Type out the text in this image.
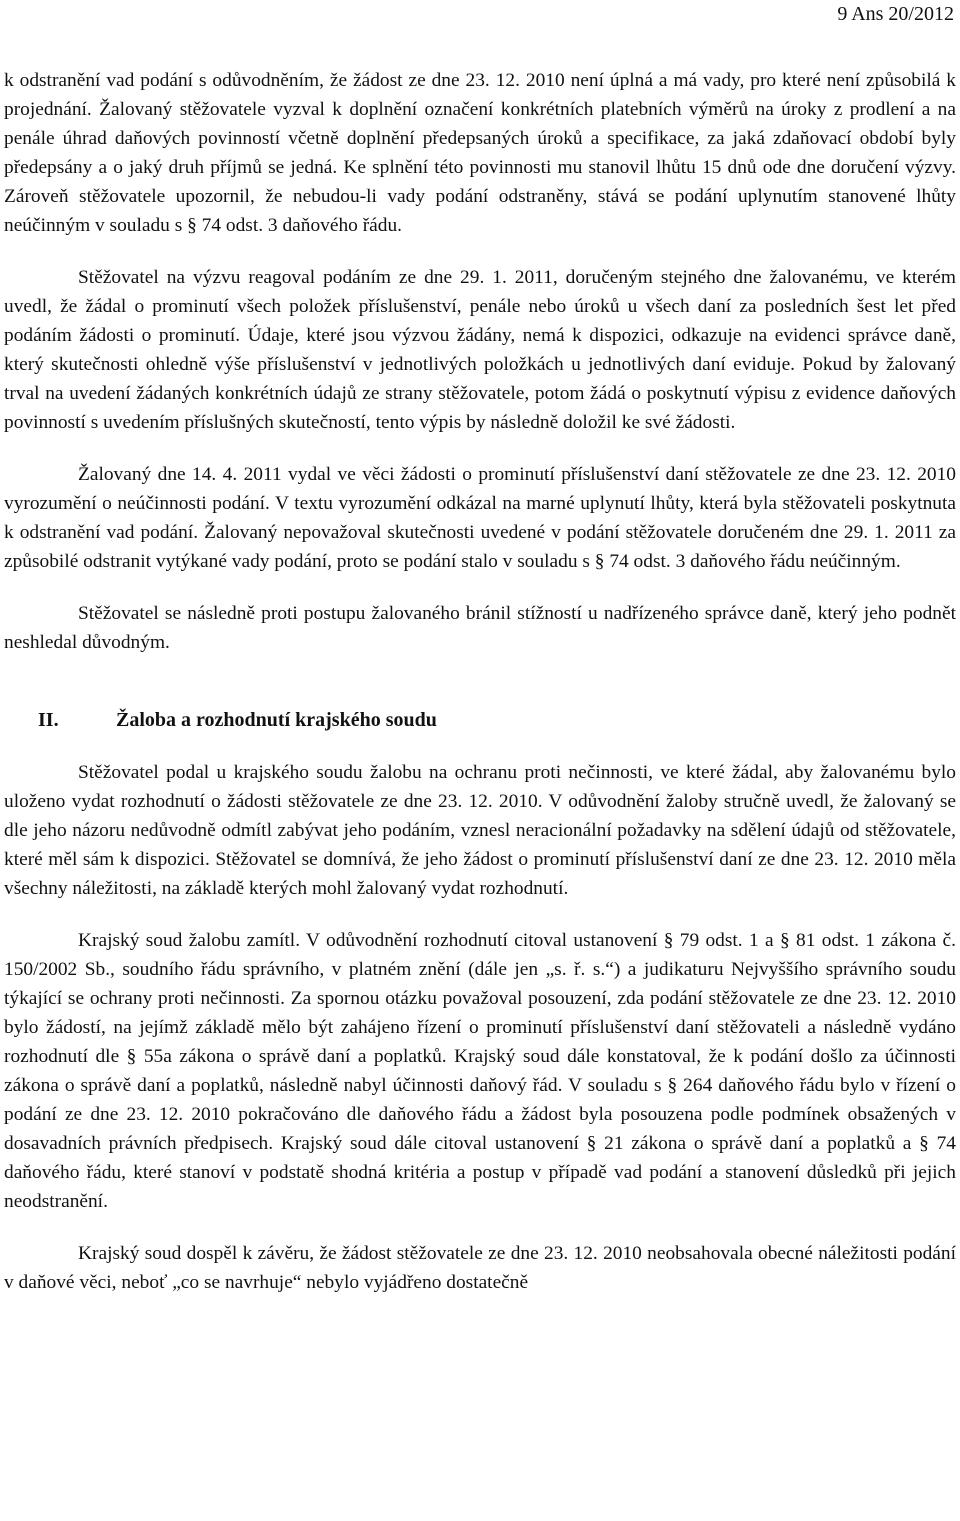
9 Ans 20/2012

k odstranění vad podání s odůvodněním, že žádost ze dne 23. 12. 2010 není úplná a má vady, pro které není způsobilá k projednání. Žalovaný stěžovatele vyzval k doplnění označení konkrétních platebních výměrů na úroky z prodlení a na penále úhrad daňových povinností včetně doplnění předepsaných úroků a specifikace, za jaká zdaňovací období byly předepsány a o jaký druh příjmů se jedná. Ke splnění této povinnosti mu stanovil lhůtu 15 dnů ode dne doručení výzvy. Zároveň stěžovatele upozornil, že nebudou-li vady podání odstraněny, stává se podání uplynutím stanovené lhůty neúčinným v souladu s § 74 odst. 3 daňového řádu.

Stěžovatel na výzvu reagoval podáním ze dne 29. 1. 2011, doručeným stejného dne žalovanému, ve kterém uvedl, že žádal o prominutí všech položek příslušenství, penále nebo úroků u všech daní za posledních šest let před podáním žádosti o prominutí. Údaje, které jsou výzvou žádány, nemá k dispozici, odkazuje na evidenci správce daně, který skutečnosti ohledně výše příslušenství v jednotlivých položkách u jednotlivých daní eviduje. Pokud by žalovaný trval na uvedení žádaných konkrétních údajů ze strany stěžovatele, potom žádá o poskytnutí výpisu z evidence daňových povinností s uvedením příslušných skutečností, tento výpis by následně doložil ke své žádosti.

Žalovaný dne 14. 4. 2011 vydal ve věci žádosti o prominutí příslušenství daní stěžovatele ze dne 23. 12. 2010 vyrozumění o neúčinnosti podání. V textu vyrozumění odkázal na marné uplynutí lhůty, která byla stěžovateli poskytnuta k odstranění vad podání. Žalovaný nepovažoval skutečnosti uvedené v podání stěžovatele doručeném dne 29. 1. 2011 za způsobilé odstranit vytýkané vady podání, proto se podání stalo v souladu s § 74 odst. 3 daňového řádu neúčinným.

Stěžovatel se následně proti postupu žalovaného bránil stížností u nadřízeného správce daně, který jeho podnět neshledal důvodným.

II.	Žaloba a rozhodnutí krajského soudu

Stěžovatel podal u krajského soudu žalobu na ochranu proti nečinnosti, ve které žádal, aby žalovanému bylo uloženo vydat rozhodnutí o žádosti stěžovatele ze dne 23. 12. 2010. V odůvodnění žaloby stručně uvedl, že žalovaný se dle jeho názoru nedůvodně odmítl zabývat jeho podáním, vznesl neracionální požadavky na sdělení údajů od stěžovatele, které měl sám k dispozici. Stěžovatel se domnívá, že jeho žádost o prominutí příslušenství daní ze dne 23. 12. 2010 měla všechny náležitosti, na základě kterých mohl žalovaný vydat rozhodnutí.

Krajský soud žalobu zamítl. V odůvodnění rozhodnutí citoval ustanovení § 79 odst. 1 a § 81 odst. 1 zákona č. 150/2002 Sb., soudního řádu správního, v platném znění (dále jen „s. ř. s.“) a judikaturu Nejvyššího správního soudu týkající se ochrany proti nečinnosti. Za spornou otázku považoval posouzení, zda podání stěžovatele ze dne 23. 12. 2010 bylo žádostí, na jejímž základě mělo být zahájeno řízení o prominutí příslušenství daní stěžovateli a následně vydáno rozhodnutí dle § 55a zákona o správě daní a poplatků. Krajský soud dále konstatoval, že k podání došlo za účinnosti zákona o správě daní a poplatků, následně nabyl účinnosti daňový řád. V souladu s § 264 daňového řádu bylo v řízení o podání ze dne 23. 12. 2010 pokračováno dle daňového řádu a žádost byla posouzena podle podmínek obsažených v dosavadních právních předpisech. Krajský soud dále citoval ustanovení § 21 zákona o správě daní a poplatků a § 74 daňového řádu, které stanoví v podstatě shodná kritéria a postup v případě vad podání a stanovení důsledků při jejich neodstranění.

Krajský soud dospěl k závěru, že žádost stěžovatele ze dne 23. 12. 2010 neobsahovala obecné náležitosti podání v daňové věci, neboť „co se navrhuje“ nebylo vyjádřeno dostatečně
